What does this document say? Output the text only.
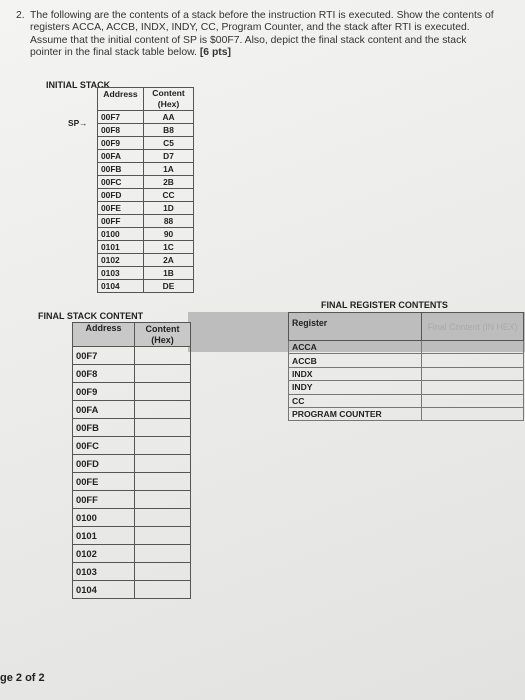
2. The following are the contents of a stack before the instruction RTI is executed. Show the contents of registers ACCA, ACCB, INDX, INDY, CC, Program Counter, and the stack after RTI is executed. Assume that the initial content of SP is $00F7. Also, depict the final stack content and the stack pointer in the final stack table below. [6 pts]
INITIAL STACK
SP→
Address	Content (Hex)
00F7	AA
00F8	B8
00F9	C5
00FA	D7
00FB	1A
00FC	2B
00FD	CC
00FE	1D
00FF	88
0100	90
0101	1C
0102	2A
0103	1B
0104	DE
FINAL STACK CONTENT
Address	Content (Hex)
00F7	
00F8	
00F9	
00FA	
00FB	
00FC	
00FD	
00FE	
00FF	
0100	
0101	
0102	
0103	
0104	
FINAL REGISTER CONTENTS
Register	Final Content (IN HEX)
ACCA	
ACCB	
INDX	
INDY	
CC	
PROGRAM COUNTER	
ge 2 of 2
